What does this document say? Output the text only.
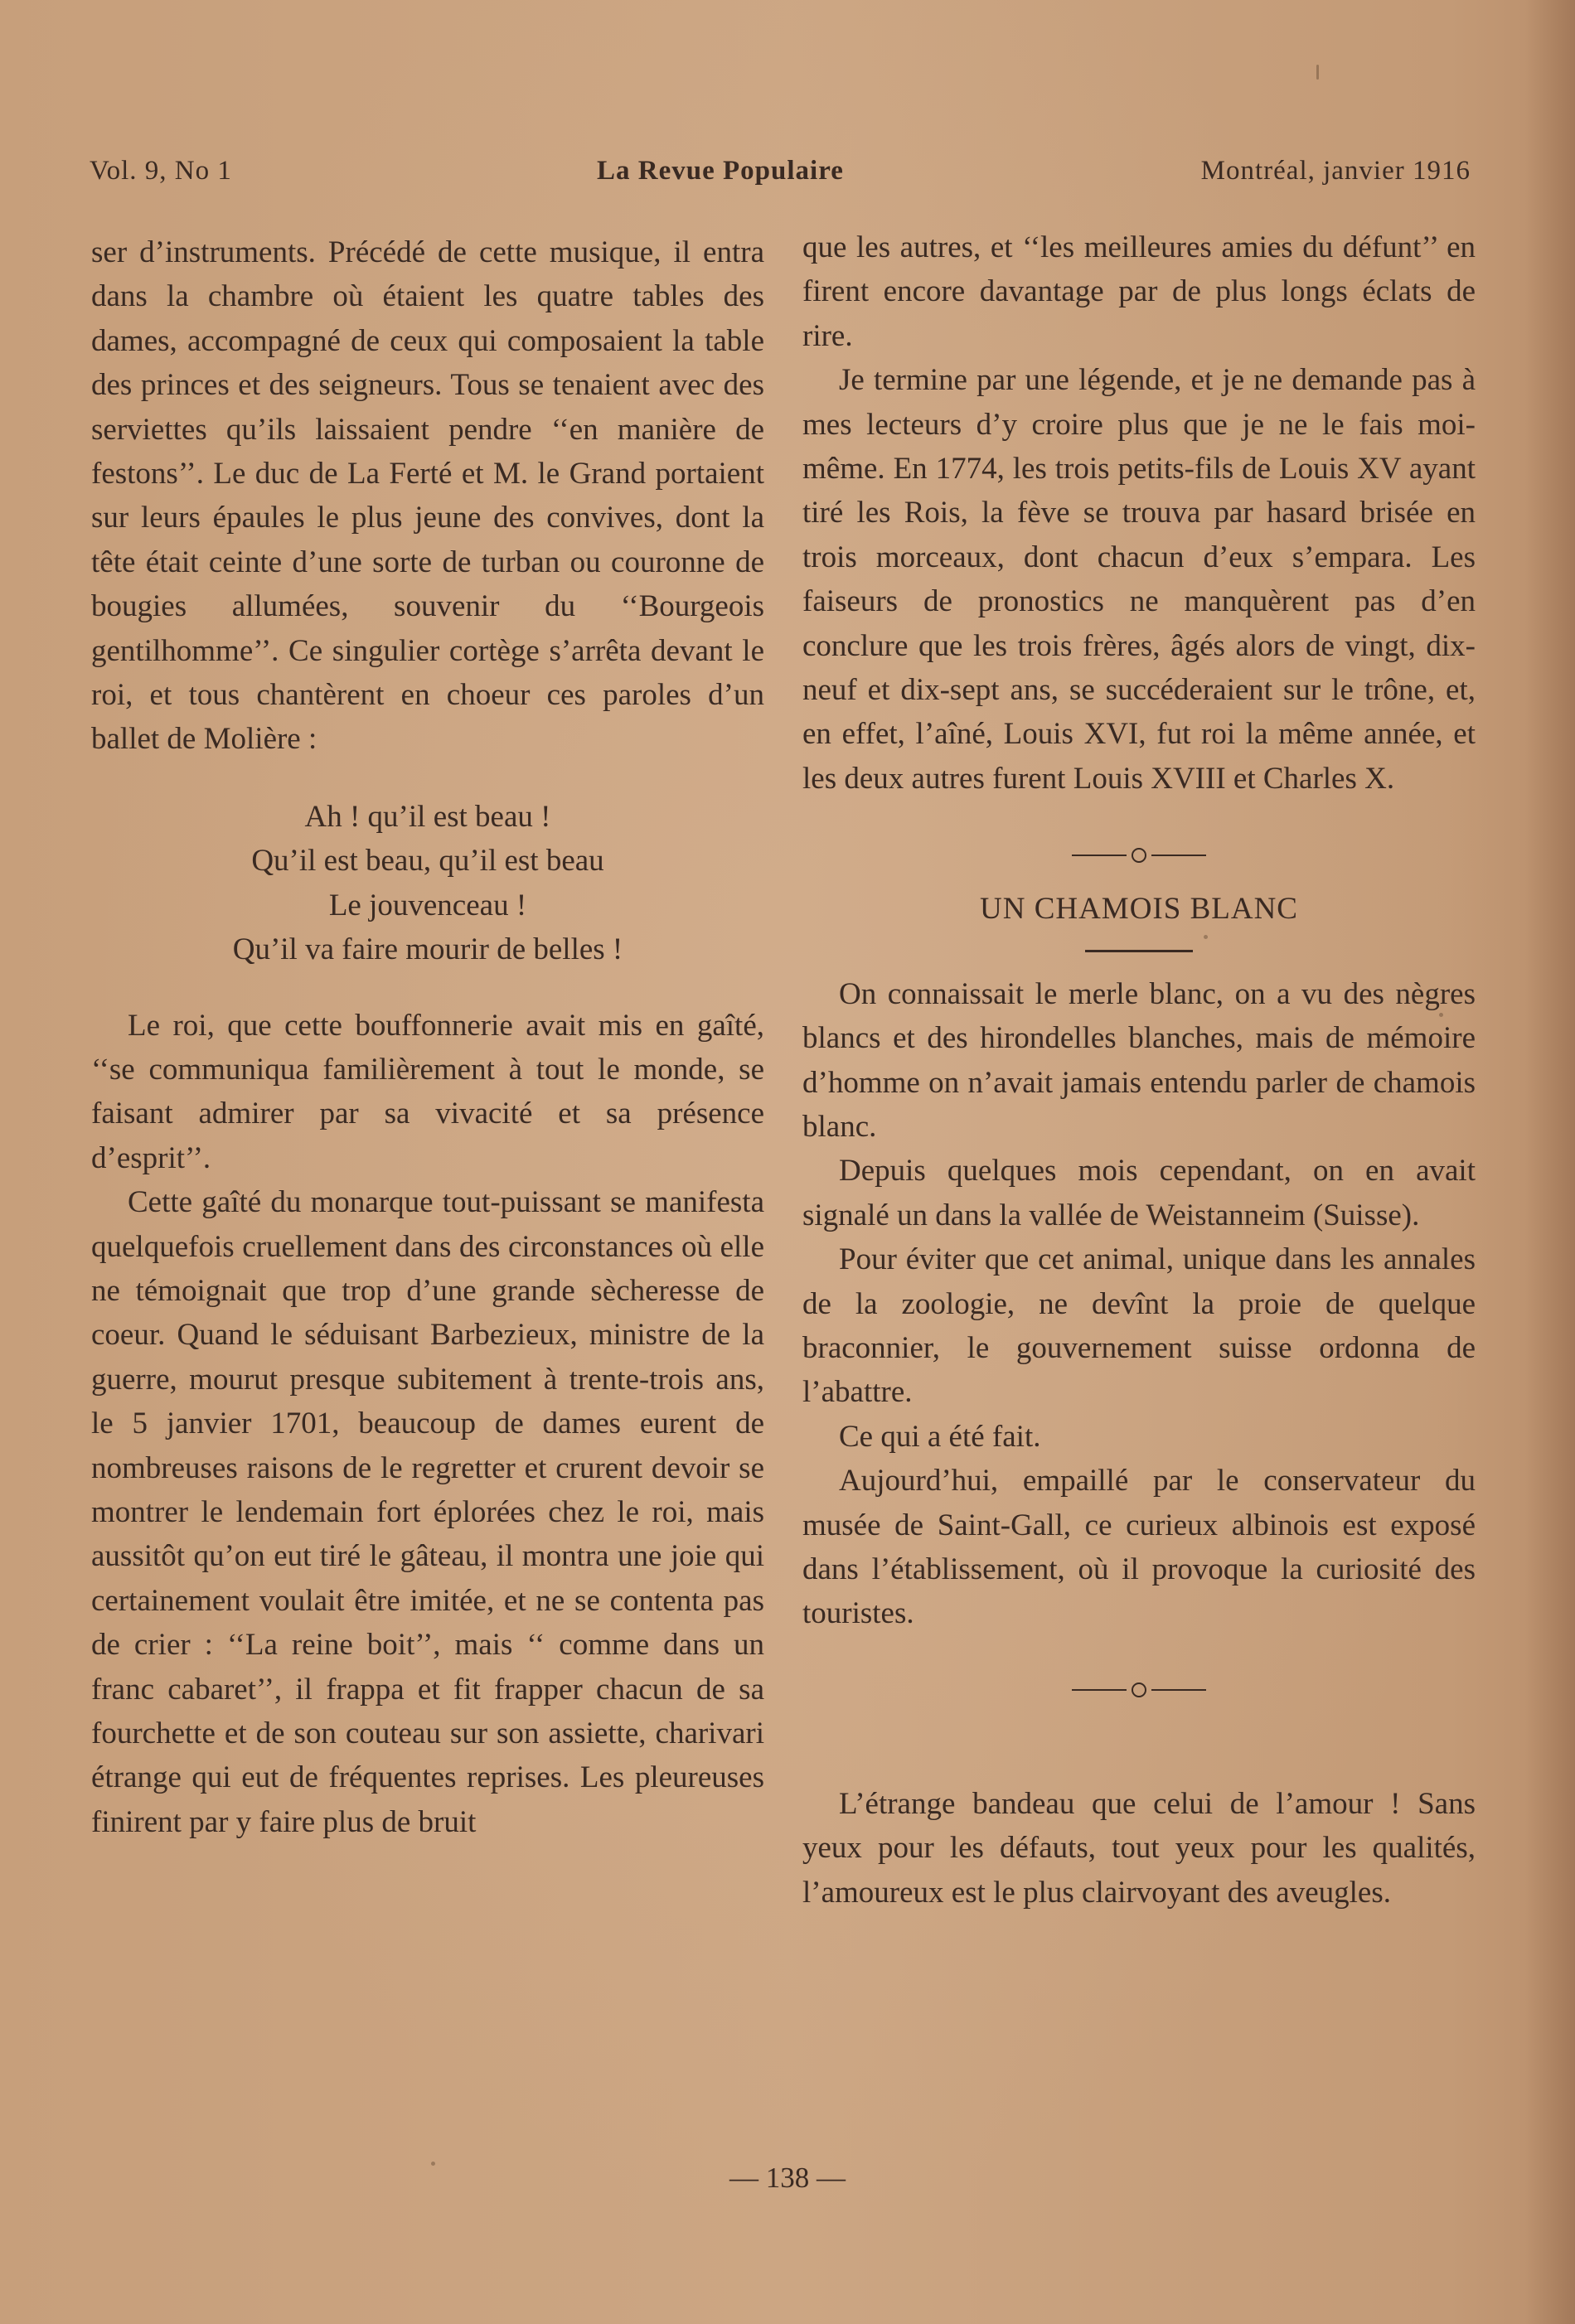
Vol. 9, No 1	La Revue Populaire	Montréal, janvier 1916

ser d’instruments. Précédé de cette musique, il entra dans la chambre où étaient les quatre tables des dames, accompagné de ceux qui composaient la table des princes et des seigneurs. Tous se tenaient avec des serviettes qu’ils laissaient pendre ‘‘en manière de festons’’. Le duc de La Ferté et M. le Grand portaient sur leurs épaules le plus jeune des convives, dont la tête était ceinte d’une sorte de turban ou couronne de bougies allumées, souvenir du ‘‘Bourgeois gentilhomme’’. Ce singulier cortège s’arrêta devant le roi, et tous chantèrent en choeur ces paroles d’un ballet de Molière :

Ah ! qu’il est beau !
Qu’il est beau, qu’il est beau
Le jouvenceau !
Qu’il va faire mourir de belles !

Le roi, que cette bouffonnerie avait mis en gaîté, ‘‘se communiqua familièrement à tout le monde, se faisant admirer par sa vivacité et sa présence d’esprit’’.

Cette gaîté du monarque tout-puissant se manifesta quelquefois cruellement dans des circonstances où elle ne témoignait que trop d’une grande sècheresse de coeur. Quand le séduisant Barbezieux, ministre de la guerre, mourut presque subitement à trente-trois ans, le 5 janvier 1701, beaucoup de dames eurent de nombreuses raisons de le regretter et crurent devoir se montrer le lendemain fort éplorées chez le roi, mais aussitôt qu’on eut tiré le gâteau, il montra une joie qui certainement voulait être imitée, et ne se contenta pas de crier : ‘‘La reine boit’’, mais ‘‘ comme dans un franc cabaret’’, il frappa et fit frapper chacun de sa fourchette et de son couteau sur son assiette, charivari étrange qui eut de fréquentes reprises. Les pleureuses finirent par y faire plus de bruit

que les autres, et ‘‘les meilleures amies du défunt’’ en firent encore davantage par de plus longs éclats de rire.

Je termine par une légende, et je ne demande pas à mes lecteurs d’y croire plus que je ne le fais moi-même. En 1774, les trois petits-fils de Louis XV ayant tiré les Rois, la fève se trouva par hasard brisée en trois morceaux, dont chacun d’eux s’empara. Les faiseurs de pronostics ne manquèrent pas d’en conclure que les trois frères, âgés alors de vingt, dix-neuf et dix-sept ans, se succéderaient sur le trône, et, en effet, l’aîné, Louis XVI, fut roi la même année, et les deux autres furent Louis XVIII et Charles X.

UN CHAMOIS BLANC

On connaissait le merle blanc, on a vu des nègres blancs et des hirondelles blanches, mais de mémoire d’homme on n’avait jamais entendu parler de chamois blanc.

Depuis quelques mois cependant, on en avait signalé un dans la vallée de Weistanneim (Suisse).

Pour éviter que cet animal, unique dans les annales de la zoologie, ne devînt la proie de quelque braconnier, le gouvernement suisse ordonna de l’abattre.

Ce qui a été fait.

Aujourd’hui, empaillé par le conservateur du musée de Saint-Gall, ce curieux albinois est exposé dans l’établissement, où il provoque la curiosité des touristes.

L’étrange bandeau que celui de l’amour ! Sans yeux pour les défauts, tout yeux pour les qualités, l’amoureux est le plus clairvoyant des aveugles.

— 138 —
